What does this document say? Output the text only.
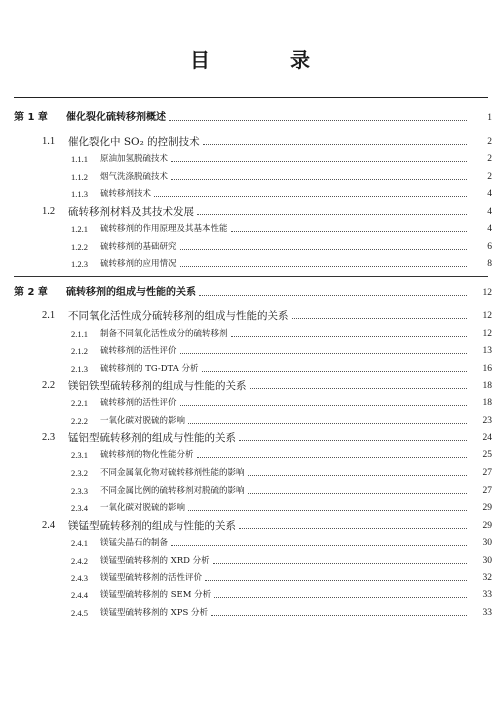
目　录
第 1 章	催化裂化硫转移剂概述	1
1.1	催化裂化中 SO₂ 的控制技术	2
1.1.1	原油加氢脱硫技术	2
1.1.2	烟气洗涤脱硫技术	2
1.1.3	硫转移剂技术	4
1.2	硫转移剂材料及其技术发展	4
1.2.1	硫转移剂的作用原理及其基本性能	4
1.2.2	硫转移剂的基础研究	6
1.2.3	硫转移剂的应用情况	8
第 2 章	硫转移剂的组成与性能的关系	12
2.1	不同氧化活性成分硫转移剂的组成与性能的关系	12
2.1.1	制备不同氧化活性成分的硫转移剂	12
2.1.2	硫转移剂的活性评价	13
2.1.3	硫转移剂的 TG-DTA 分析	16
2.2	镁铝铁型硫转移剂的组成与性能的关系	18
2.2.1	硫转移剂的活性评价	18
2.2.2	一氧化碳对脱硫的影响	23
2.3	锰铝型硫转移剂的组成与性能的关系	24
2.3.1	硫转移剂的物化性能分析	25
2.3.2	不同金属氧化物对硫转移剂性能的影响	27
2.3.3	不同金属比例的硫转移剂对脱硫的影响	27
2.3.4	一氧化碳对脱硫的影响	29
2.4	镁锰型硫转移剂的组成与性能的关系	29
2.4.1	镁锰尖晶石的制备	30
2.4.2	镁锰型硫转移剂的 XRD 分析	30
2.4.3	镁锰型硫转移剂的活性评价	32
2.4.4	镁锰型硫转移剂的 SEM 分析	33
2.4.5	镁锰型硫转移剂的 XPS 分析	33
